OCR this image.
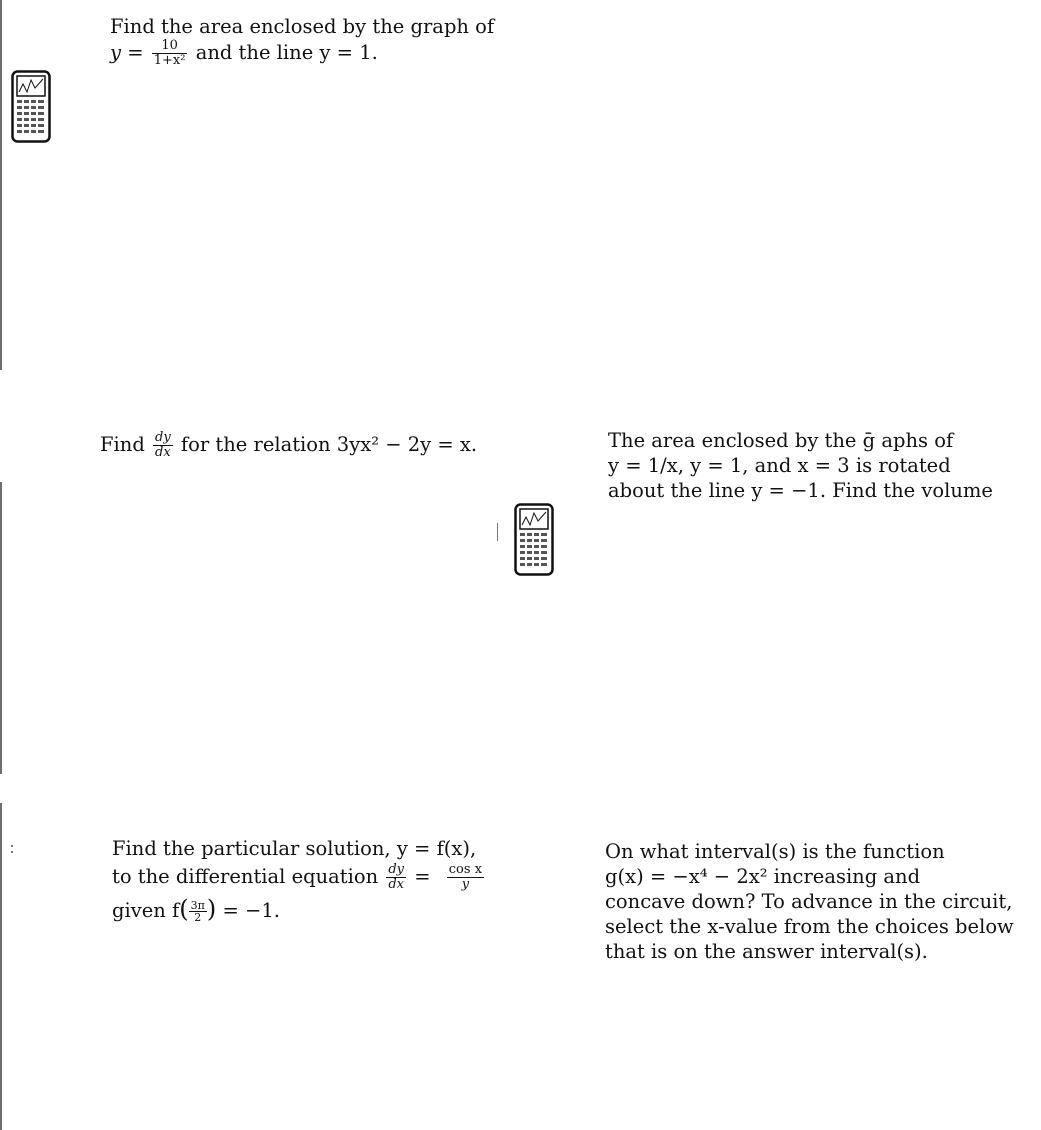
Find the area enclosed by the graph of
$y = \frac{10}{\text{1+x²}}$ and the line y = 1.
Find $\frac{dy}{dx}$ for the relation 3yx² − 2y = x.	The area enclosed by the ḡ aphs of
y = 1/x, y = 1, and x = 3 is rotated
about the line y = −1. Find the volume
Find the particular solution, y = f(x),
to the differential equation $\frac{dy}{dx} = \frac{\text{cos x}}{y}$
given $f( \frac{3\pi}{2}$ ) = −1.
On what interval(s) is the function
g(x) = −x⁴ − 2x² increasing and
concave down? To advance in the circuit,
select the x-value from the choices below
that is on the answer interval(s).
